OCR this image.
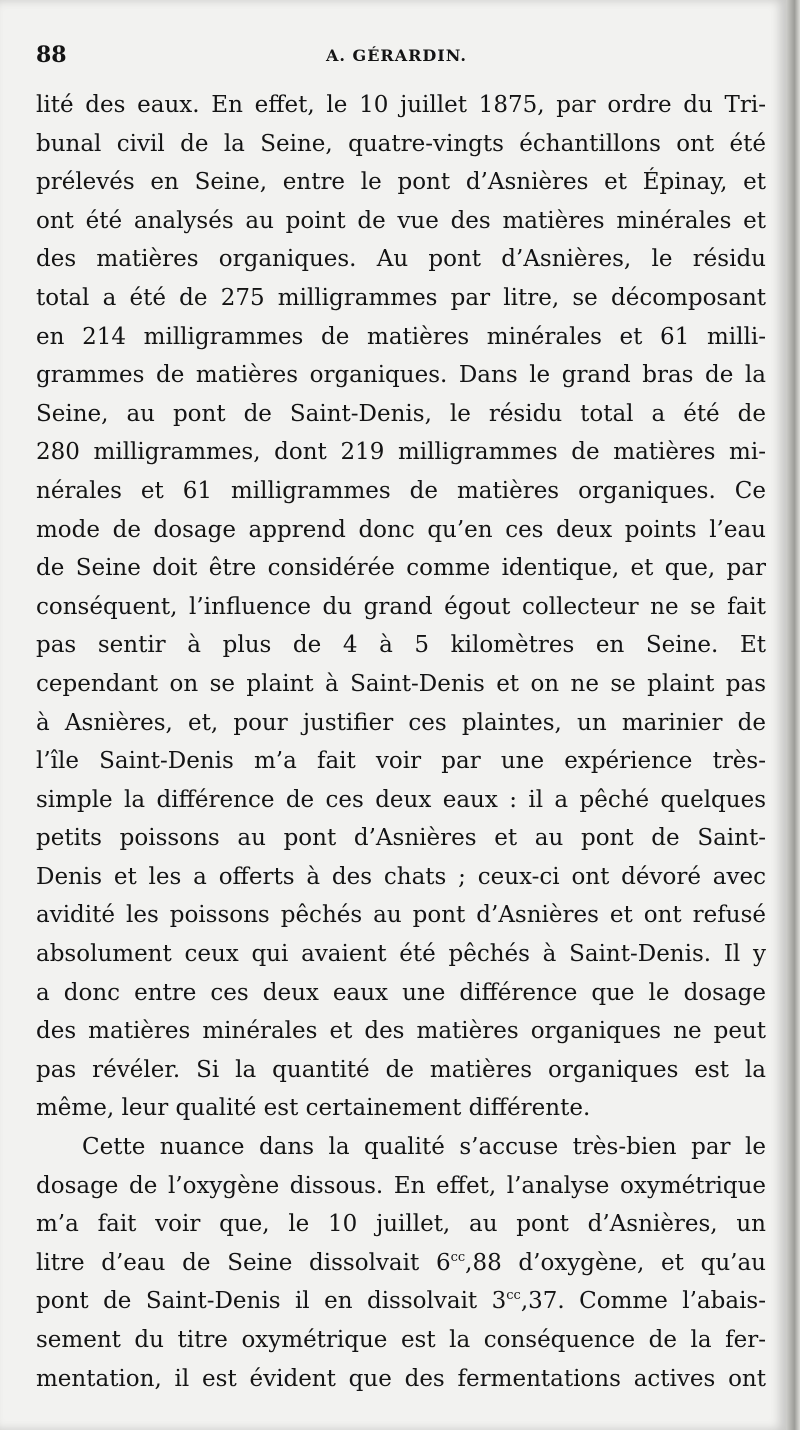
88	A. GÉRARDIN.
lité des eaux. En effet, le 10 juillet 1875, par ordre du Tri-
bunal civil de la Seine, quatre-vingts échantillons ont été
prélevés en Seine, entre le pont d’Asnières et Épinay, et
ont été analysés au point de vue des matières minérales et
des matières organiques. Au pont d’Asnières, le résidu
total a été de 275 milligrammes par litre, se décomposant
en 214 milligrammes de matières minérales et 61 milli-
grammes de matières organiques. Dans le grand bras de la
Seine, au pont de Saint-Denis, le résidu total a été de
280 milligrammes, dont 219 milligrammes de matières mi-
nérales et 61 milligrammes de matières organiques. Ce
mode de dosage apprend donc qu’en ces deux points l’eau
de Seine doit être considérée comme identique, et que, par
conséquent, l’influence du grand égout collecteur ne se fait
pas sentir à plus de 4 à 5 kilomètres en Seine. Et
cependant on se plaint à Saint-Denis et on ne se plaint pas
à Asnières, et, pour justifier ces plaintes, un marinier de
l’île Saint-Denis m’a fait voir par une expérience très-
simple la différence de ces deux eaux : il a pêché quelques
petits poissons au pont d’Asnières et au pont de Saint-
Denis et les a offerts à des chats ; ceux-ci ont dévoré avec
avidité les poissons pêchés au pont d’Asnières et ont refusé
absolument ceux qui avaient été pêchés à Saint-Denis. Il y
a donc entre ces deux eaux une différence que le dosage
des matières minérales et des matières organiques ne peut
pas révéler. Si la quantité de matières organiques est la
même, leur qualité est certainement différente.
Cette nuance dans la qualité s’accuse très-bien par le
dosage de l’oxygène dissous. En effet, l’analyse oxymétrique
m’a fait voir que, le 10 juillet, au pont d’Asnières, un
litre d’eau de Seine dissolvait $6^{cc},88$ d’oxygène, et qu’au
pont de Saint-Denis il en dissolvait $3^{cc},37$. Comme l’abais-
sement du titre oxymétrique est la conséquence de la fer-
mentation, il est évident que des fermentations actives ont
